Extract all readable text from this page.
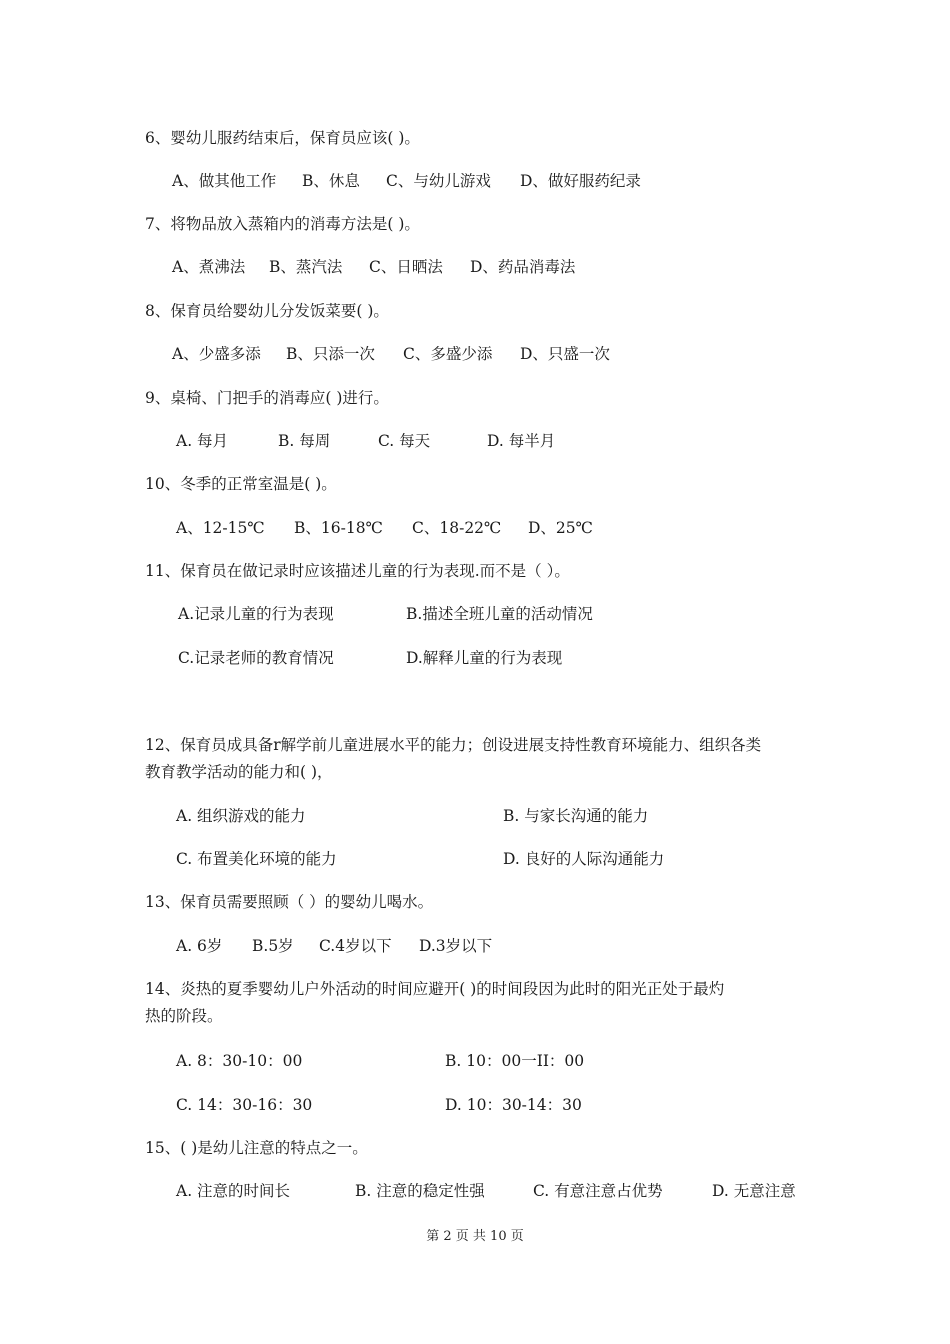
6、婴幼儿服药结束后，保育员应该( )。
A、做其他工作 B、休息 C、与幼儿游戏 D、做好服药纪录
7、将物品放入蒸箱内的消毒方法是( )。
A、煮沸法 B、蒸汽法 C、日晒法 D、药品消毒法
8、保育员给婴幼儿分发饭菜要( )。
A、少盛多添 B、只添一次 C、多盛少添 D、只盛一次
9、桌椅、门把手的消毒应( )进行。
A. 每月	B. 每周	C. 每天	D. 每半月
10、冬季的正常室温是( )。
A、12-15℃ B、16-18℃ C、18-22℃ D、25℃
11、保育员在做记录时应该描述儿童的行为表现.而不是（ ）。
A.记录儿童的行为表现	B.描述全班儿童的活动情况
C.记录老师的教育情况	D.解释儿童的行为表现
12、保育员成具备r解学前儿童进展水平的能力；创设进展支持性教育环境能力、组织各类
教育教学活动的能力和( )，
A. 组织游戏的能力	B. 与家长沟通的能力
C. 布置美化环境的能力	D. 良好的人际沟通能力
13、保育员需要照顾（ ）的婴幼儿喝水。
A. 6岁 B.5岁 C.4岁以下 D.3岁以下
14、炎热的夏季婴幼儿户外活动的时间应避开( )的时间段因为此时的阳光正处于最灼
热的阶段。
A. 8：30-10：00	B. 10：00一II：00
C. 14：30-16：30	D. 10：30-14：30
15、( )是幼儿注意的特点之一。
A. 注意的时间长	B. 注意的稳定性强	C. 有意注意占优势	D. 无意注意
第 2 页 共 10 页
